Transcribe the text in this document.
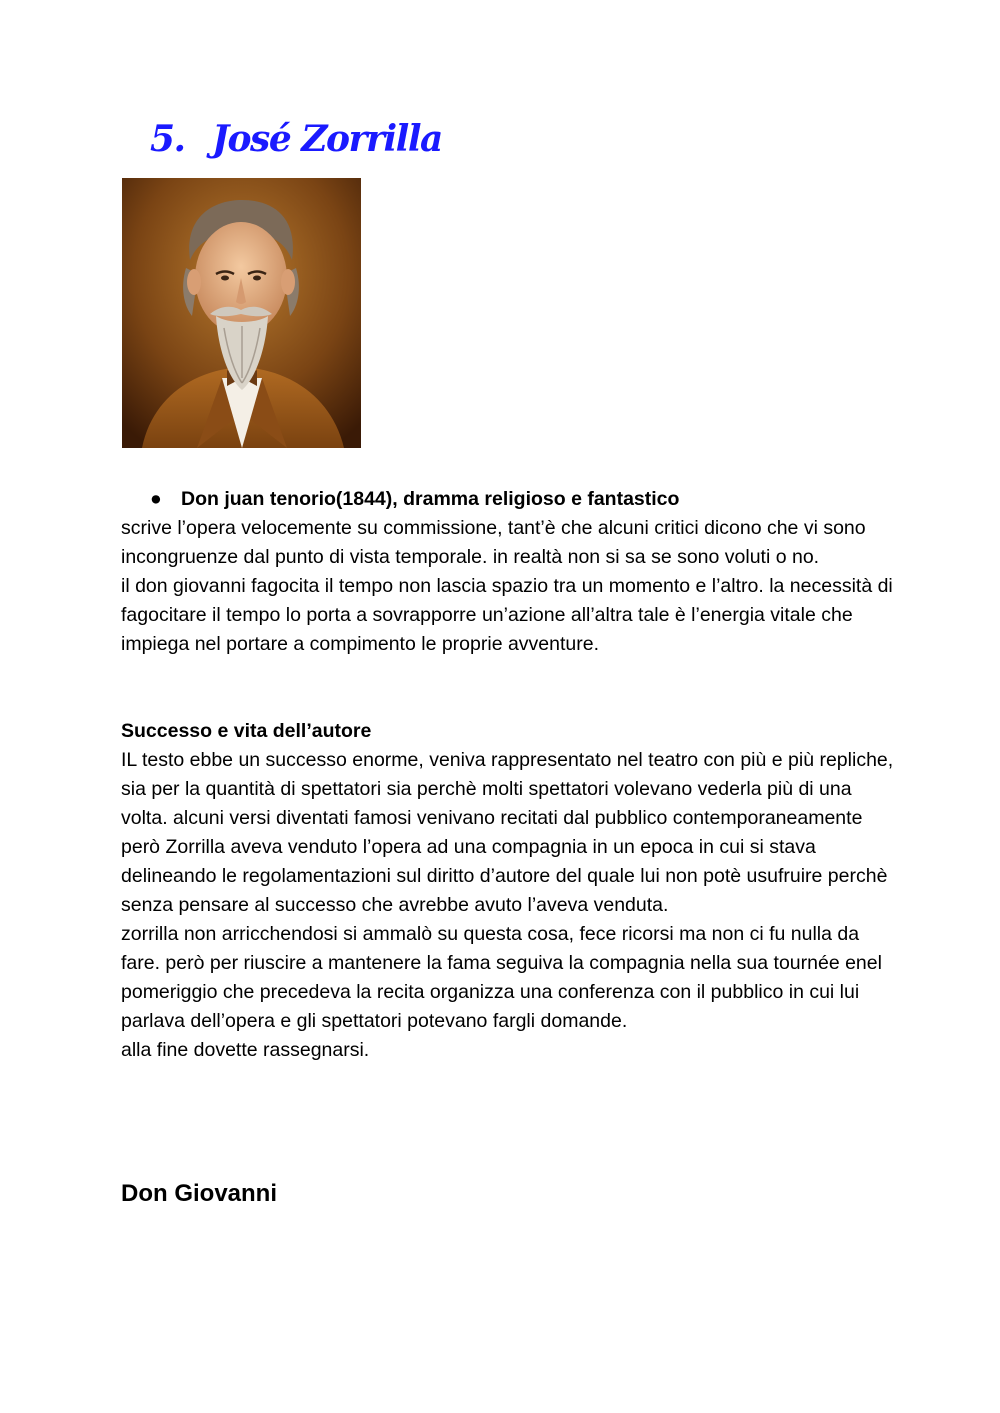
5. José Zorrilla
● Don juan tenorio(1844), dramma religioso e fantastico

scrive l’opera velocemente su commissione, tant’è che alcuni critici dicono che vi sono incongruenze dal punto di vista temporale. in realtà non si sa se sono voluti o no.

il don giovanni fagocita il tempo non lascia spazio tra un momento e l’altro. la necessità di fagocitare il tempo lo porta a sovrapporre un’azione all’altra tale è l’energia vitale che impiega nel portare a compimento le proprie avventure.

Successo e vita dell’autore

IL testo ebbe un successo enorme, veniva rappresentato nel teatro con più e più repliche, sia per la quantità di spettatori sia perchè molti spettatori volevano vederla più di una volta. alcuni versi diventati famosi venivano recitati dal pubblico contemporaneamente

però Zorrilla aveva venduto l’opera ad una compagnia in un epoca in cui si stava delineando le regolamentazioni sul diritto d’autore del quale lui non potè usufruire perchè senza pensare al successo che avrebbe avuto l’aveva venduta.

zorrilla non arricchendosi si ammalò su questa cosa, fece ricorsi ma non ci fu nulla da fare. però per riuscire a mantenere la fama seguiva la compagnia nella sua tournée enel pomeriggio che precedeva la recita organizza una conferenza con il pubblico in cui lui parlava dell’opera e gli spettatori potevano fargli domande.

alla fine dovette rassegnarsi.

Don Giovanni
